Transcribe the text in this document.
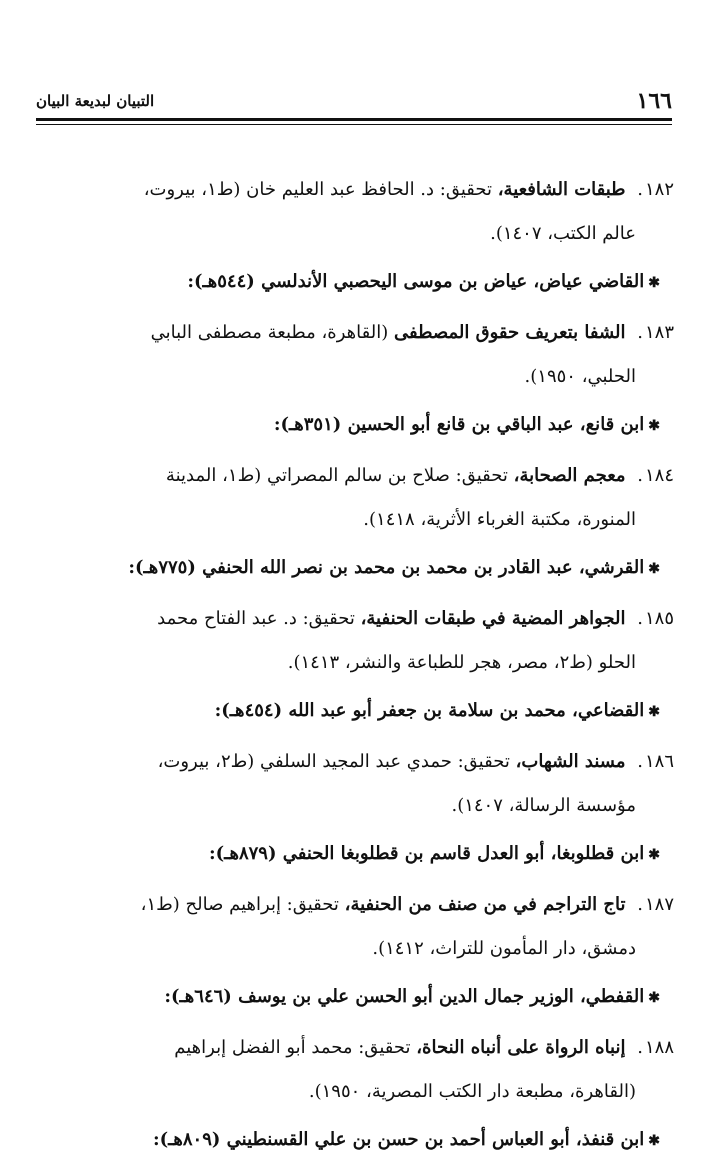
١٦٦
التبيان لبديعة البيان

١٨٢. طبقات الشافعية، تحقيق: د. الحافظ عبد العليم خان (ط١، بيروت،
عالم الكتب، ١٤٠٧).

✱القاضي عياض، عياض بن موسى اليحصبي الأندلسي (٥٤٤هـ):

١٨٣. الشفا بتعريف حقوق المصطفى (القاهرة، مطبعة مصطفى البابي
الحلبي، ١٩٥٠).

✱ابن قانع، عبد الباقي بن قانع أبو الحسين (٣٥١هـ):

١٨٤. معجم الصحابة، تحقيق: صلاح بن سالم المصراتي (ط١، المدينة
المنورة، مكتبة الغرباء الأثرية، ١٤١٨).

✱القرشي، عبد القادر بن محمد بن محمد بن نصر الله الحنفي (٧٧٥هـ):

١٨٥. الجواهر المضية في طبقات الحنفية، تحقيق: د. عبد الفتاح محمد
الحلو (ط٢، مصر، هجر للطباعة والنشر، ١٤١٣).

✱القضاعي، محمد بن سلامة بن جعفر أبو عبد الله (٤٥٤هـ):

١٨٦. مسند الشهاب، تحقيق: حمدي عبد المجيد السلفي (ط٢، بيروت،
مؤسسة الرسالة، ١٤٠٧).

✱ابن قطلوبغا، أبو العدل قاسم بن قطلوبغا الحنفي (٨٧٩هـ):

١٨٧. تاج التراجم في من صنف من الحنفية، تحقيق: إبراهيم صالح (ط١،
دمشق، دار المأمون للتراث، ١٤١٢).

✱القفطي، الوزير جمال الدين أبو الحسن علي بن يوسف (٦٤٦هـ):

١٨٨. إنباه الرواة على أنباه النحاة، تحقيق: محمد أبو الفضل إبراهيم
(القاهرة، مطبعة دار الكتب المصرية، ١٩٥٠).

✱ابن قنفذ، أبو العباس أحمد بن حسن بن علي القسنطيني (٨٠٩هـ):
